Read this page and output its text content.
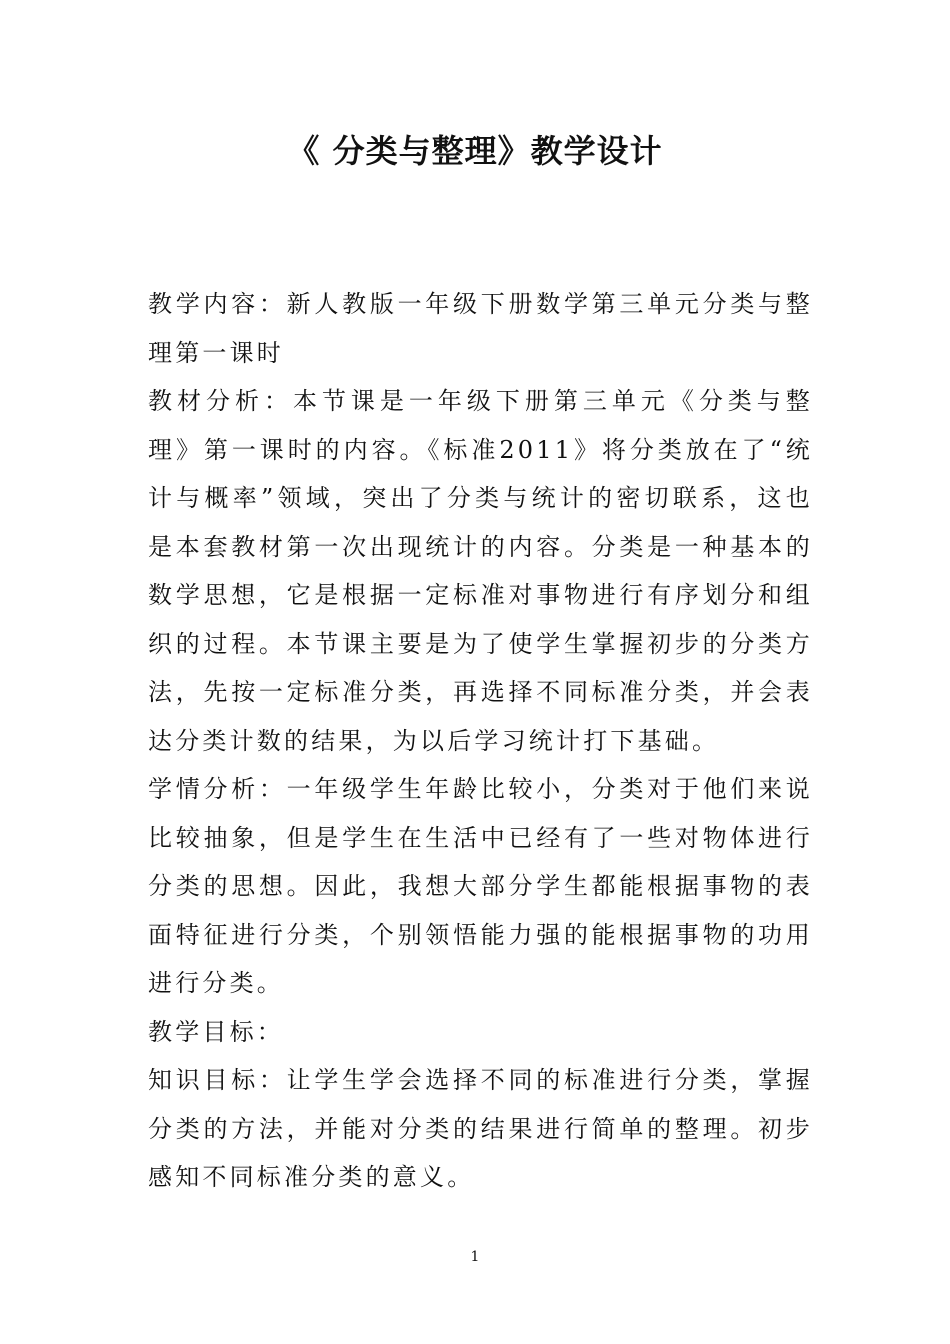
《 分类与整理》教学设计

教学内容：新人教版一年级下册数学第三单元分类与整理第一课时

教材分析：本节课是一年级下册第三单元《分类与整理》第一课时的内容。《标准2011》将分类放在了“统计与概率”领域，突出了分类与统计的密切联系，这也是本套教材第一次出现统计的内容。分类是一种基本的数学思想，它是根据一定标准对事物进行有序划分和组织的过程。本节课主要是为了使学生掌握初步的分类方法，先按一定标准分类，再选择不同标准分类，并会表达分类计数的结果，为以后学习统计打下基础。

学情分析：一年级学生年龄比较小，分类对于他们来说比较抽象，但是学生在生活中已经有了一些对物体进行分类的思想。因此，我想大部分学生都能根据事物的表面特征进行分类，个别领悟能力强的能根据事物的功用进行分类。

教学目标：

知识目标：让学生学会选择不同的标准进行分类，掌握分类的方法，并能对分类的结果进行简单的整理。初步感知不同标准分类的意义。

1
